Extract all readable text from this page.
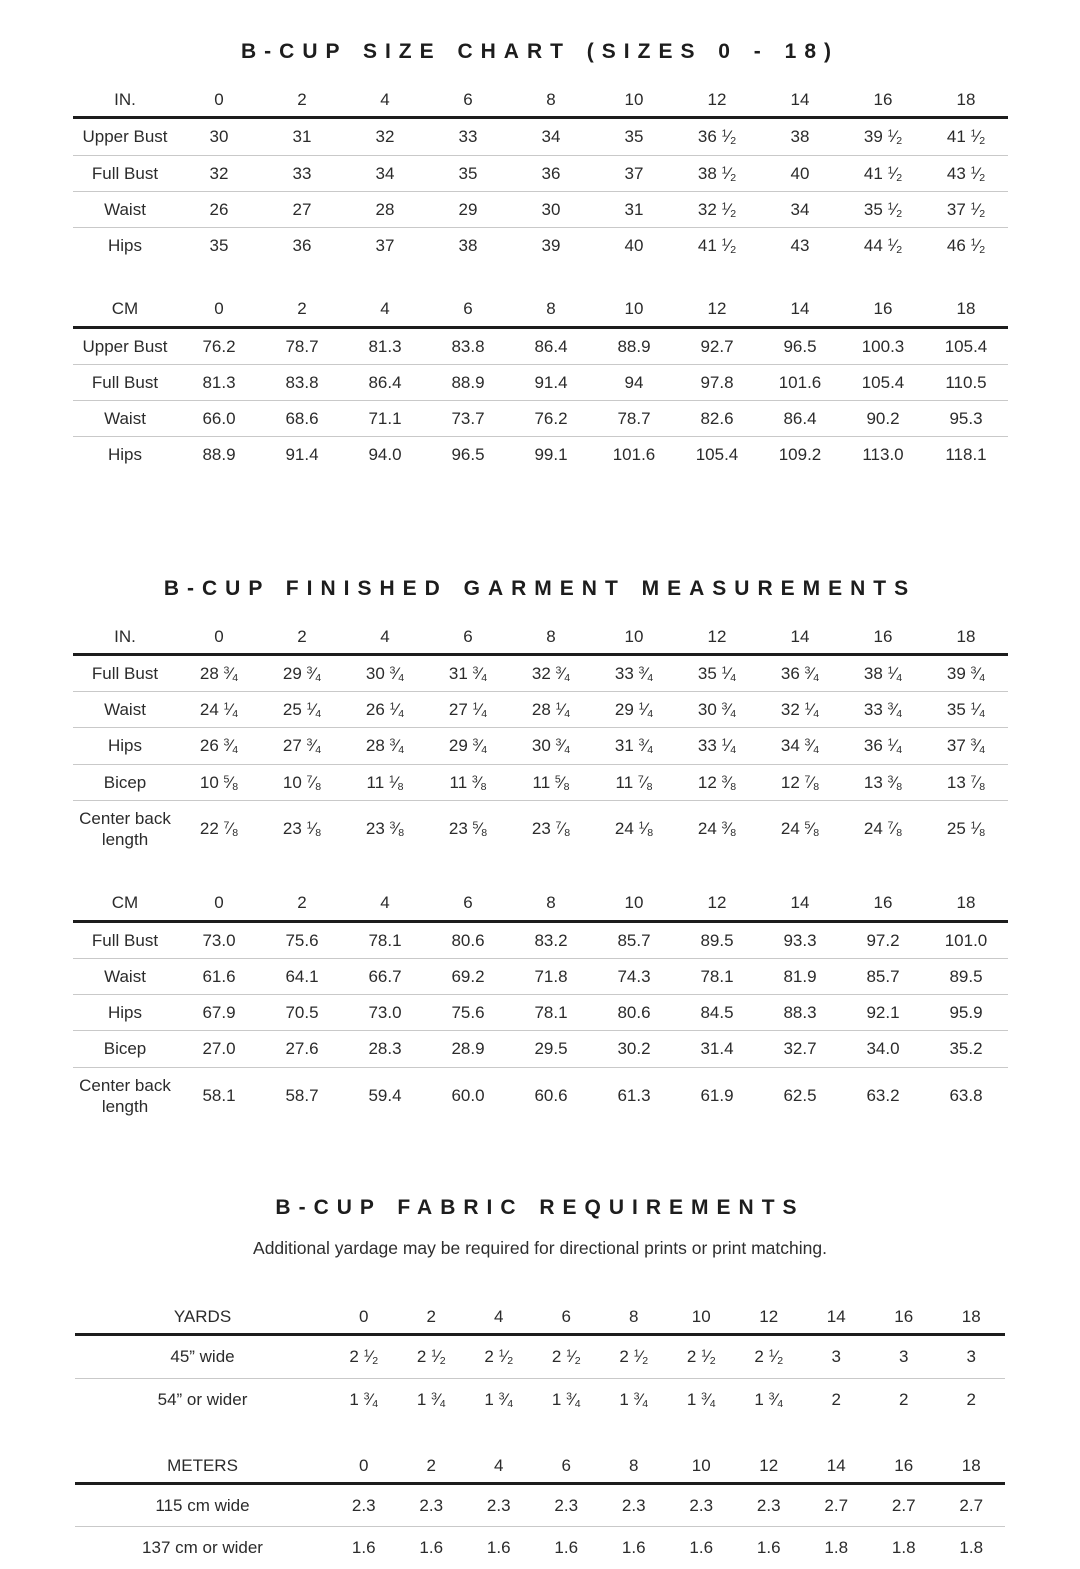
B-CUP SIZE CHART (SIZES 0 - 18)
IN.	0	2	4	6	8	10	12	14	16	18
Upper Bust	30	31	32	33	34	35	36 $^1⁄_2$	38	39 $^1⁄_2$	41 $^1⁄_2$
Full Bust	32	33	34	35	36	37	38 $^1⁄_2$	40	41 $^1⁄_2$	43 $^1⁄_2$
Waist	26	27	28	29	30	31	32 $^1⁄_2$	34	35 $^1⁄_2$	37 $^1⁄_2$
Hips	35	36	37	38	39	40	41 $^1⁄_2$	43	44 $^1⁄_2$	46 $^1⁄_2$
CM	0	2	4	6	8	10	12	14	16	18
Upper Bust	76.2	78.7	81.3	83.8	86.4	88.9	92.7	96.5	100.3	105.4
Full Bust	81.3	83.8	86.4	88.9	91.4	94	97.8	101.6	105.4	110.5
Waist	66.0	68.6	71.1	73.7	76.2	78.7	82.6	86.4	90.2	95.3
Hips	88.9	91.4	94.0	96.5	99.1	101.6	105.4	109.2	113.0	118.1
B-CUP FINISHED GARMENT MEASUREMENTS
IN.	0	2	4	6	8	10	12	14	16	18
Full Bust	28 $^3⁄_4$	29 $^3⁄_4$	30 $^3⁄_4$	31 $^3⁄_4$	32 $^3⁄_4$	33 $^3⁄_4$	35 $^1⁄_4$	36 $^3⁄_4$	38 $^1⁄_4$	39 $^3⁄_4$
Waist	24 $^1⁄_4$	25 $^1⁄_4$	26 $^1⁄_4$	27 $^1⁄_4$	28 $^1⁄_4$	29 $^1⁄_4$	30 $^3⁄_4$	32 $^1⁄_4$	33 $^3⁄_4$	35 $^1⁄_4$
Hips	26 $^3⁄_4$	27 $^3⁄_4$	28 $^3⁄_4$	29 $^3⁄_4$	30 $^3⁄_4$	31 $^3⁄_4$	33 $^1⁄_4$	34 $^3⁄_4$	36 $^1⁄_4$	37 $^3⁄_4$
Bicep	10 $^5⁄_8$	10 $^7⁄_8$	11 $^1⁄_8$	11 $^3⁄_8$	11 $^5⁄_8$	11 $^7⁄_8$	12 $^3⁄_8$	12 $^7⁄_8$	13 $^3⁄_8$	13 $^7⁄_8$
Center back length	22 $^7⁄_8$	23 $^1⁄_8$	23 $^3⁄_8$	23 $^5⁄_8$	23 $^7⁄_8$	24 $^1⁄_8$	24 $^3⁄_8$	24 $^5⁄_8$	24 $^7⁄_8$	25 $^1⁄_8$
CM	0	2	4	6	8	10	12	14	16	18
Full Bust	73.0	75.6	78.1	80.6	83.2	85.7	89.5	93.3	97.2	101.0
Waist	61.6	64.1	66.7	69.2	71.8	74.3	78.1	81.9	85.7	89.5
Hips	67.9	70.5	73.0	75.6	78.1	80.6	84.5	88.3	92.1	95.9
Bicep	27.0	27.6	28.3	28.9	29.5	30.2	31.4	32.7	34.0	35.2
Center back length	58.1	58.7	59.4	60.0	60.6	61.3	61.9	62.5	63.2	63.8
B-CUP FABRIC REQUIREMENTS

Additional yardage may be required for directional prints or print matching.

YARDS	0	2	4	6	8	10	12	14	16	18
45” wide	2 $^1⁄_2$	2 $^1⁄_2$	2 $^1⁄_2$	2 $^1⁄_2$	2 $^1⁄_2$	2 $^1⁄_2$	2 $^1⁄_2$	3	3	3
54” or wider	1 $^3⁄_4$	1 $^3⁄_4$	1 $^3⁄_4$	1 $^3⁄_4$	1 $^3⁄_4$	1 $^3⁄_4$	1 $^3⁄_4$	2	2	2
METERS	0	2	4	6	8	10	12	14	16	18
115 cm wide	2.3	2.3	2.3	2.3	2.3	2.3	2.3	2.7	2.7	2.7
137 cm or wider	1.6	1.6	1.6	1.6	1.6	1.6	1.6	1.8	1.8	1.8
